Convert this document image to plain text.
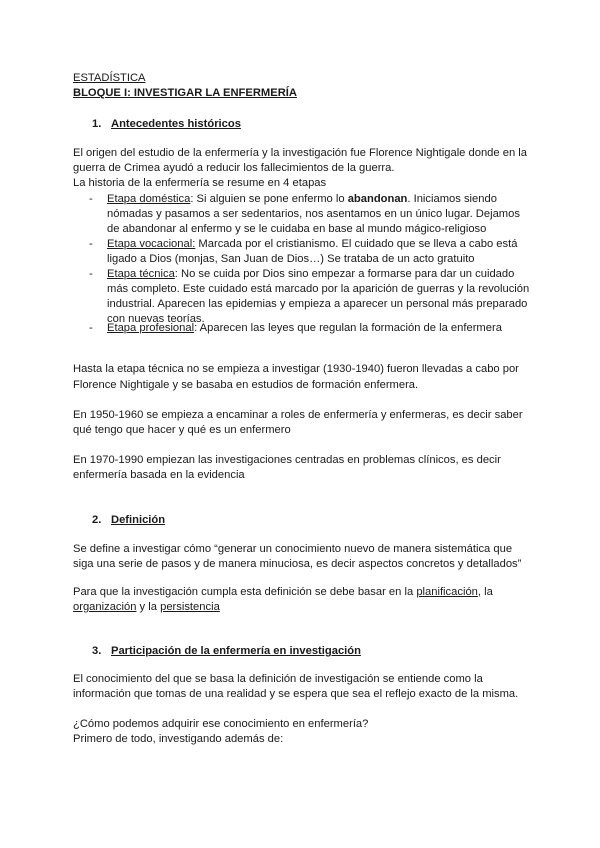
ESTADÍSTICA
BLOQUE I: INVESTIGAR LA ENFERMERÍA
1. Antecedentes históricos
El origen del estudio de la enfermería y la investigación fue Florence Nightigale donde en la
guerra de Crimea ayudó a reducir los fallecimientos de la guerra.
La historia de la enfermería se resume en 4 etapas
- Etapa doméstica: Si alguien se pone enfermo lo abandonan. Iniciamos siendo
nómadas y pasamos a ser sedentarios, nos asentamos en un único lugar. Dejamos
de abandonar al enfermo y se le cuidaba en base al mundo mágico-religioso
- Etapa vocacional: Marcada por el cristianismo. El cuidado que se lleva a cabo está
ligado a Dios (monjas, San Juan de Dios…) Se trataba de un acto gratuito
- Etapa técnica: No se cuida por Dios sino empezar a formarse para dar un cuidado
más completo. Este cuidado está marcado por la aparición de guerras y la revolución
industrial. Aparecen las epidemias y empieza a aparecer un personal más preparado
con nuevas teorías.
- Etapa profesional: Aparecen las leyes que regulan la formación de la enfermera
Hasta la etapa técnica no se empieza a investigar (1930-1940) fueron llevadas a cabo por
Florence Nightigale y se basaba en estudios de formación enfermera.
En 1950-1960 se empieza a encaminar a roles de enfermería y enfermeras, es decir saber
qué tengo que hacer y qué es un enfermero
En 1970-1990 empiezan las investigaciones centradas en problemas clínicos, es decir
enfermería basada en la evidencia
2. Definición
Se define a investigar cómo “generar un conocimiento nuevo de manera sistemática que
siga una serie de pasos y de manera minuciosa, es decir aspectos concretos y detallados”
Para que la investigación cumpla esta definición se debe basar en la planificación, la
organización y la persistencia
3. Participación de la enfermería en investigación
El conocimiento del que se basa la definición de investigación se entiende como la
información que tomas de una realidad y se espera que sea el reflejo exacto de la misma.
¿Cómo podemos adquirir ese conocimiento en enfermería?
Primero de todo, investigando además de:
